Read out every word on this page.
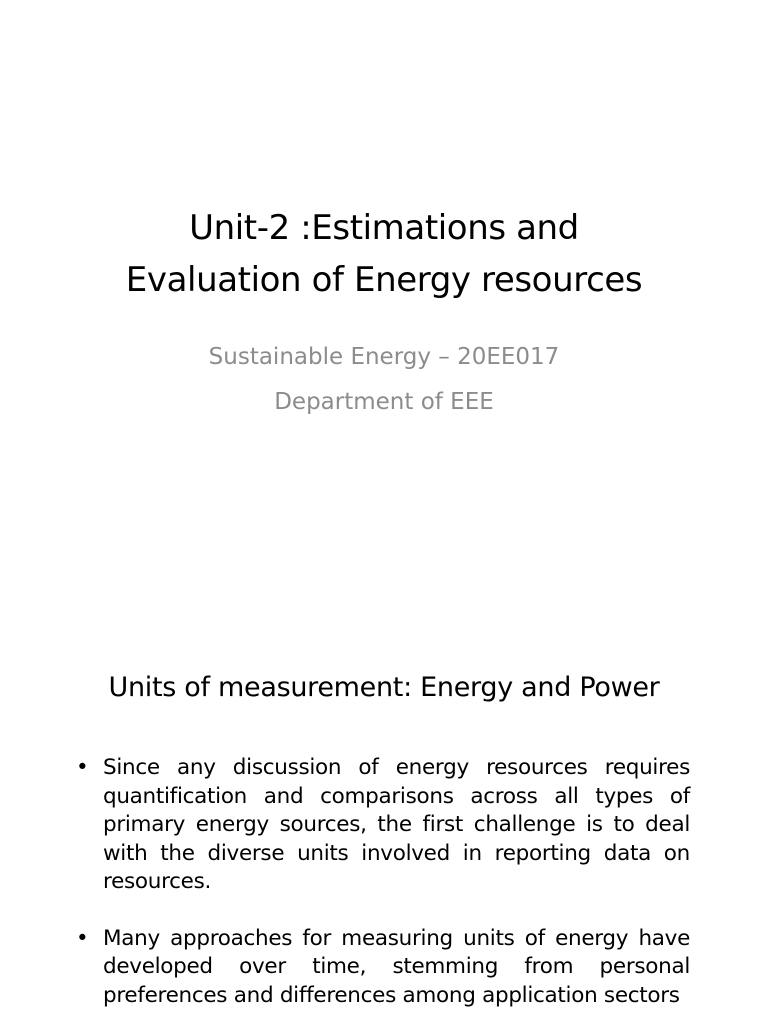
Unit-2 :Estimations and
Evaluation of Energy resources
Sustainable Energy – 20EE017
Department of EEE
Units of measurement: Energy and Power
• Since any discussion of energy resources requires quantification and comparisons across all types of primary energy sources, the first challenge is to deal with the diverse units involved in reporting data on resources.
• Many approaches for measuring units of energy have developed over time, stemming from personal preferences and differences among application sectors
